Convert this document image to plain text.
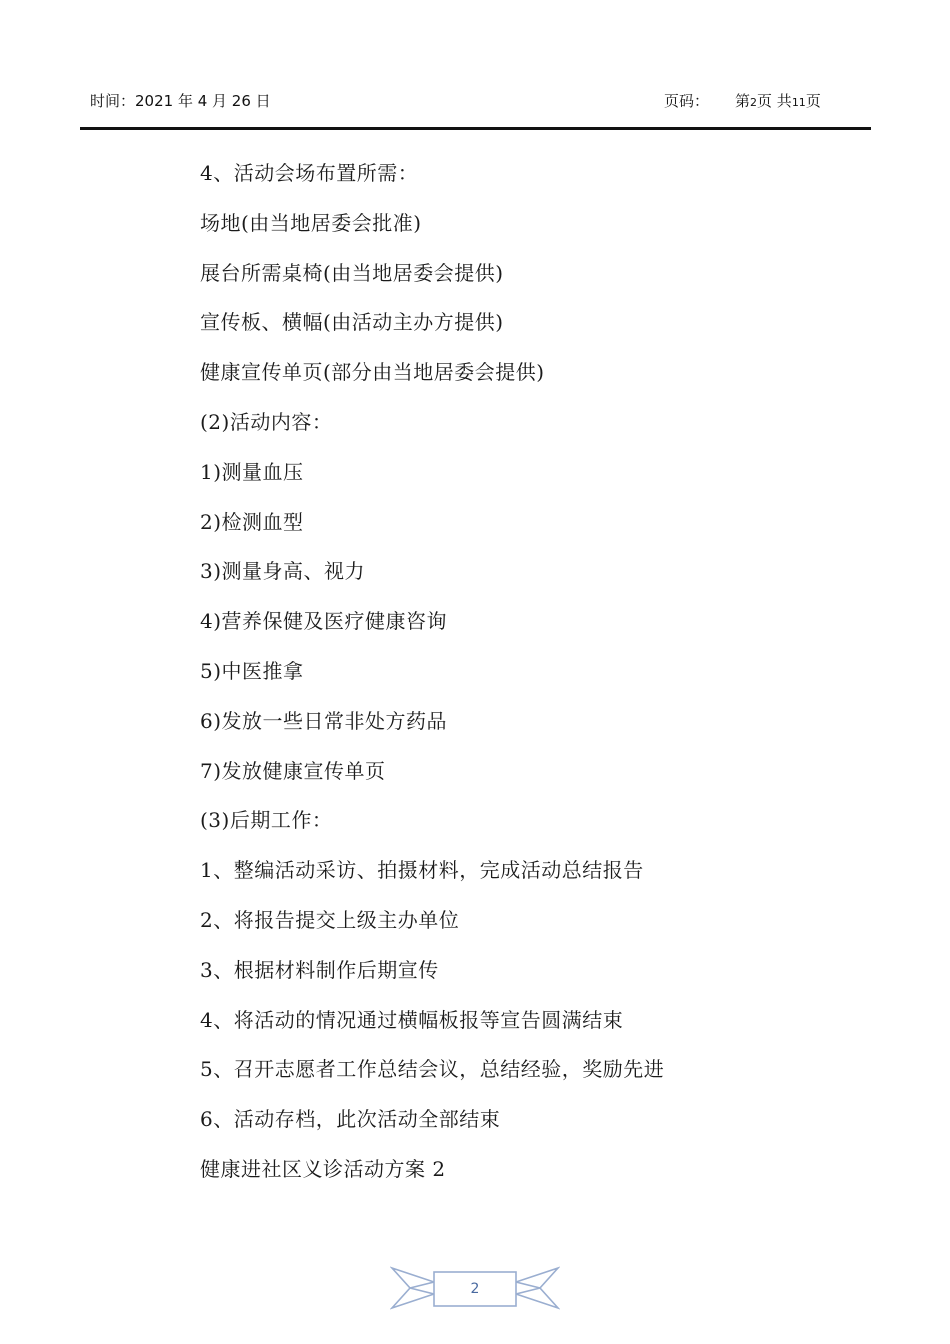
时间：2021 年 4 月 26 日	页码： 第2页 共11页
4、活动会场布置所需：
场地(由当地居委会批准)
展台所需桌椅(由当地居委会提供)
宣传板、横幅(由活动主办方提供)
健康宣传单页(部分由当地居委会提供)
(2)活动内容：
1)测量血压
2)检测血型
3)测量身高、视力
4)营养保健及医疗健康咨询
5)中医推拿
6)发放一些日常非处方药品
7)发放健康宣传单页
(3)后期工作：
1、整编活动采访、拍摄材料，完成活动总结报告
2、将报告提交上级主办单位
3、根据材料制作后期宣传
4、将活动的情况通过横幅板报等宣告圆满结束
5、召开志愿者工作总结会议，总结经验，奖励先进
6、活动存档，此次活动全部结束
健康进社区义诊活动方案 2
2
